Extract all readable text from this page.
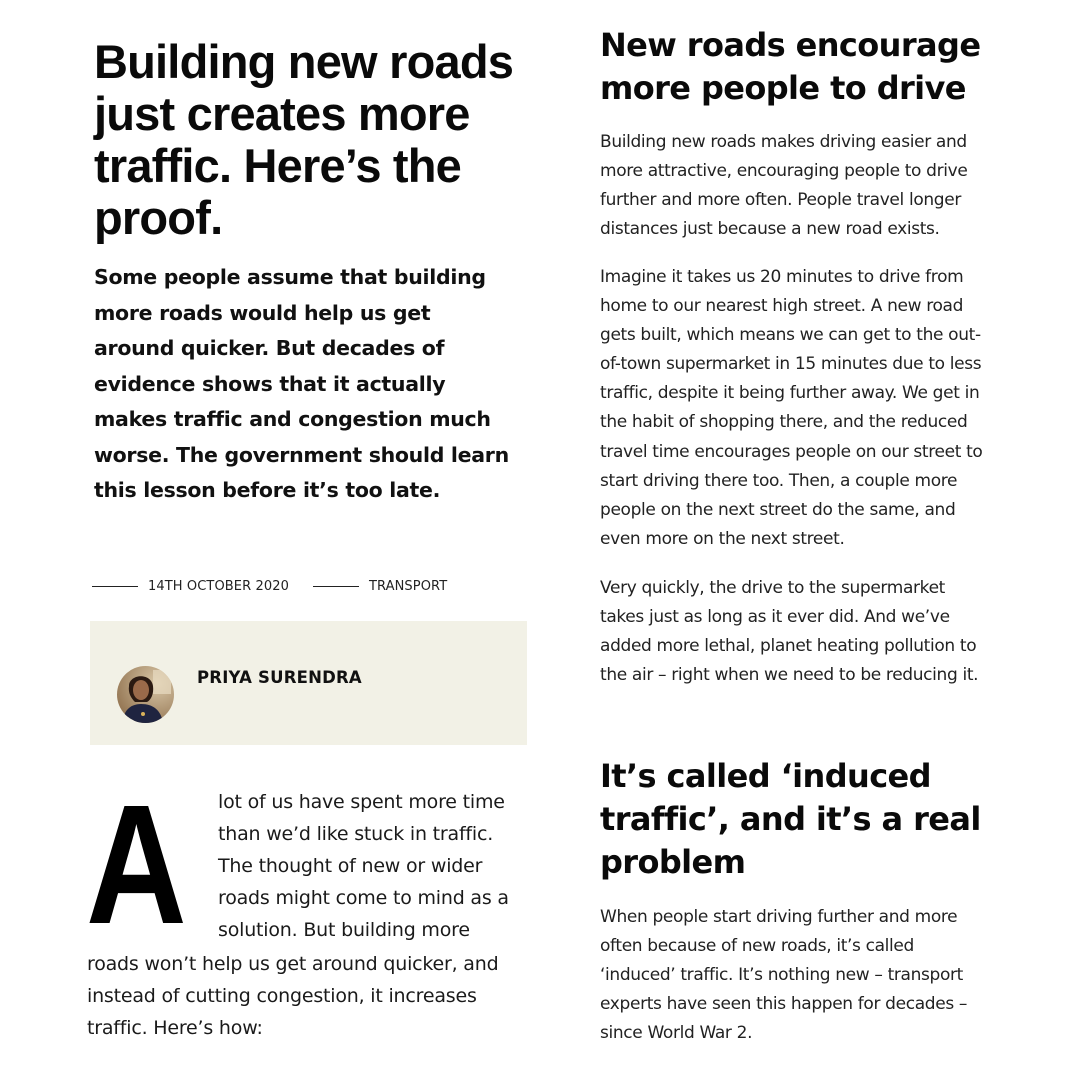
Building new roads just creates more traffic. Here’s the proof.

Some people assume that building more roads would help us get around quicker. But decades of evidence shows that it actually makes traffic and congestion much worse. The government should learn this lesson before it’s too late.

14TH OCTOBER 2020	TRANSPORT

PRIYA SURENDRA

A lot of us have spent more time

than we’d like stuck in traffic.

The thought of new or wider

roads might come to mind as a

solution. But building more

roads won’t help us get around quicker, and

instead of cutting congestion, it increases

traffic. Here’s how:

New roads encourage more people to drive

Building new roads makes driving easier and more attractive, encouraging people to drive further and more often. People travel longer distances just because a new road exists.

Imagine it takes us 20 minutes to drive from home to our nearest high street. A new road gets built, which means we can get to the out-of-town supermarket in 15 minutes due to less traffic, despite it being further away. We get in the habit of shopping there, and the reduced travel time encourages people on our street to start driving there too. Then, a couple more people on the next street do the same, and even more on the next street.

Very quickly, the drive to the supermarket takes just as long as it ever did. And we’ve added more lethal, planet heating pollution to the air – right when we need to be reducing it.

It’s called ‘induced traffic’, and it’s a real problem

When people start driving further and more often because of new roads, it’s called ‘induced’ traffic. It’s nothing new – transport experts have seen this happen for decades – since World War 2.
